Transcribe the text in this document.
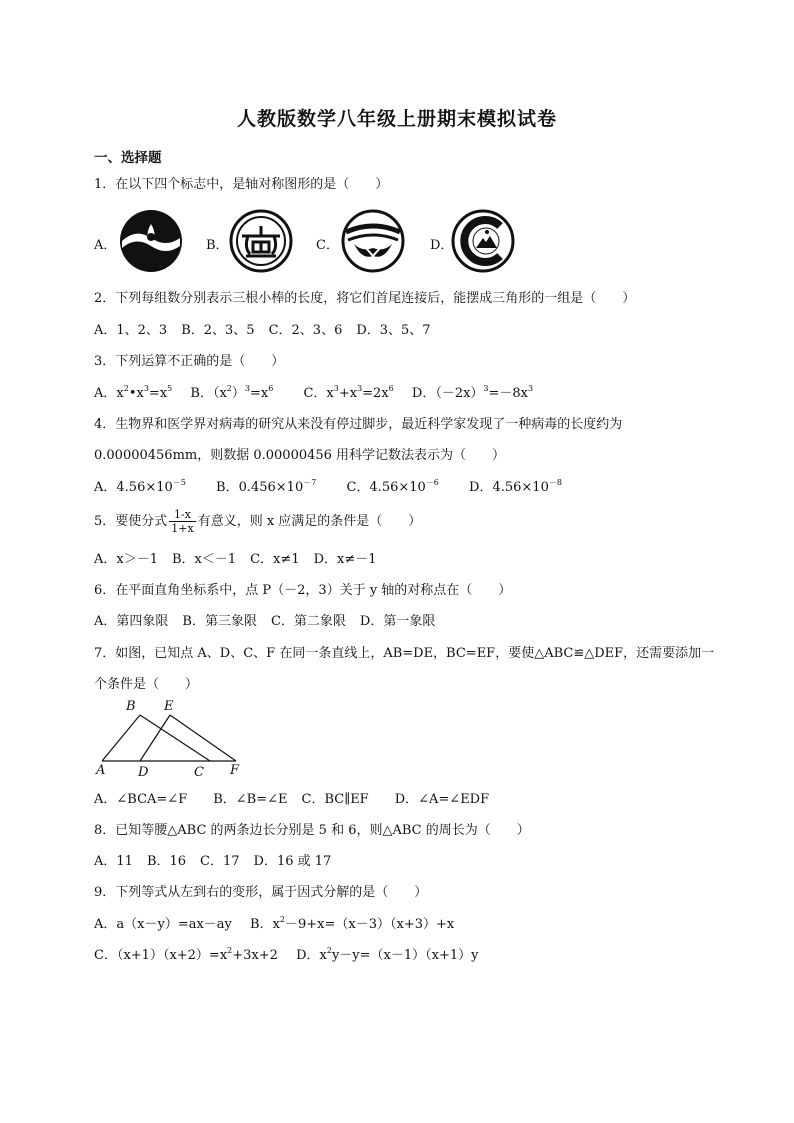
人教版数学八年级上册期末模拟试卷
一、选择题
1．在以下四个标志中，是轴对称图形的是（　　）
A．	B．	C．	D．
2．下列每组数分别表示三根小棒的长度，将它们首尾连接后，能摆成三角形的一组是（　　）
A．1、2、3 B．2、3、5 C．2、3、6 D．3、5、7
3．下列运算不正确的是（　　）
A．$x^2•x^3=x^5$ B．$(x^2)^3=x^6$ C．$x^3+x^3=2x^6$ D．$(-2x)^3=-8x^3$
4．生物界和医学界对病毒的研究从来没有停过脚步，最近科学家发现了一种病毒的长度约为
0.00000456mm，则数据 0.00000456 用科学记数法表示为（　　）
A．$4.56\times 10^{-5}$ B．$0.456\times 10^{-7}$ C．$4.56\times 10^{-6}$ D．$4.56\times 10^{-8}$
5．要使分式 $\frac{1-x}{1+x}$ 有意义，则 x 应满足的条件是（　　）
A．x＞－1 B．x＜－1 C．x≠1 D．x≠－1
6．在平面直角坐标系中，点 P（－2，3）关于 y 轴的对称点在（　　）
A．第四象限 B．第三象限 C．第二象限 D．第一象限
7．如图，已知点 A、D、C、F 在同一条直线上，AB=DE，BC=EF，要使△ABC≌△DEF，还需要添加一
个条件是（　　）
B E
A	D	C F
A．∠BCA=∠F B．∠B=∠E C．BC∥EF D．∠A=∠EDF
8．已知等腰△ABC 的两条边长分别是 5 和 6，则△ABC 的周长为（　　）
A．11 B．16 C．17 D．16 或 17
9．下列等式从左到右的变形，属于因式分解的是（　　）
A．a（x－y）=ax－ay B．$x^2-9+x=(x-3)(x+3)+x$
C．$(x+1)(x+2)=x^2+3x+2$ D．$x^2y-y=(x-1)(x+1)y$
